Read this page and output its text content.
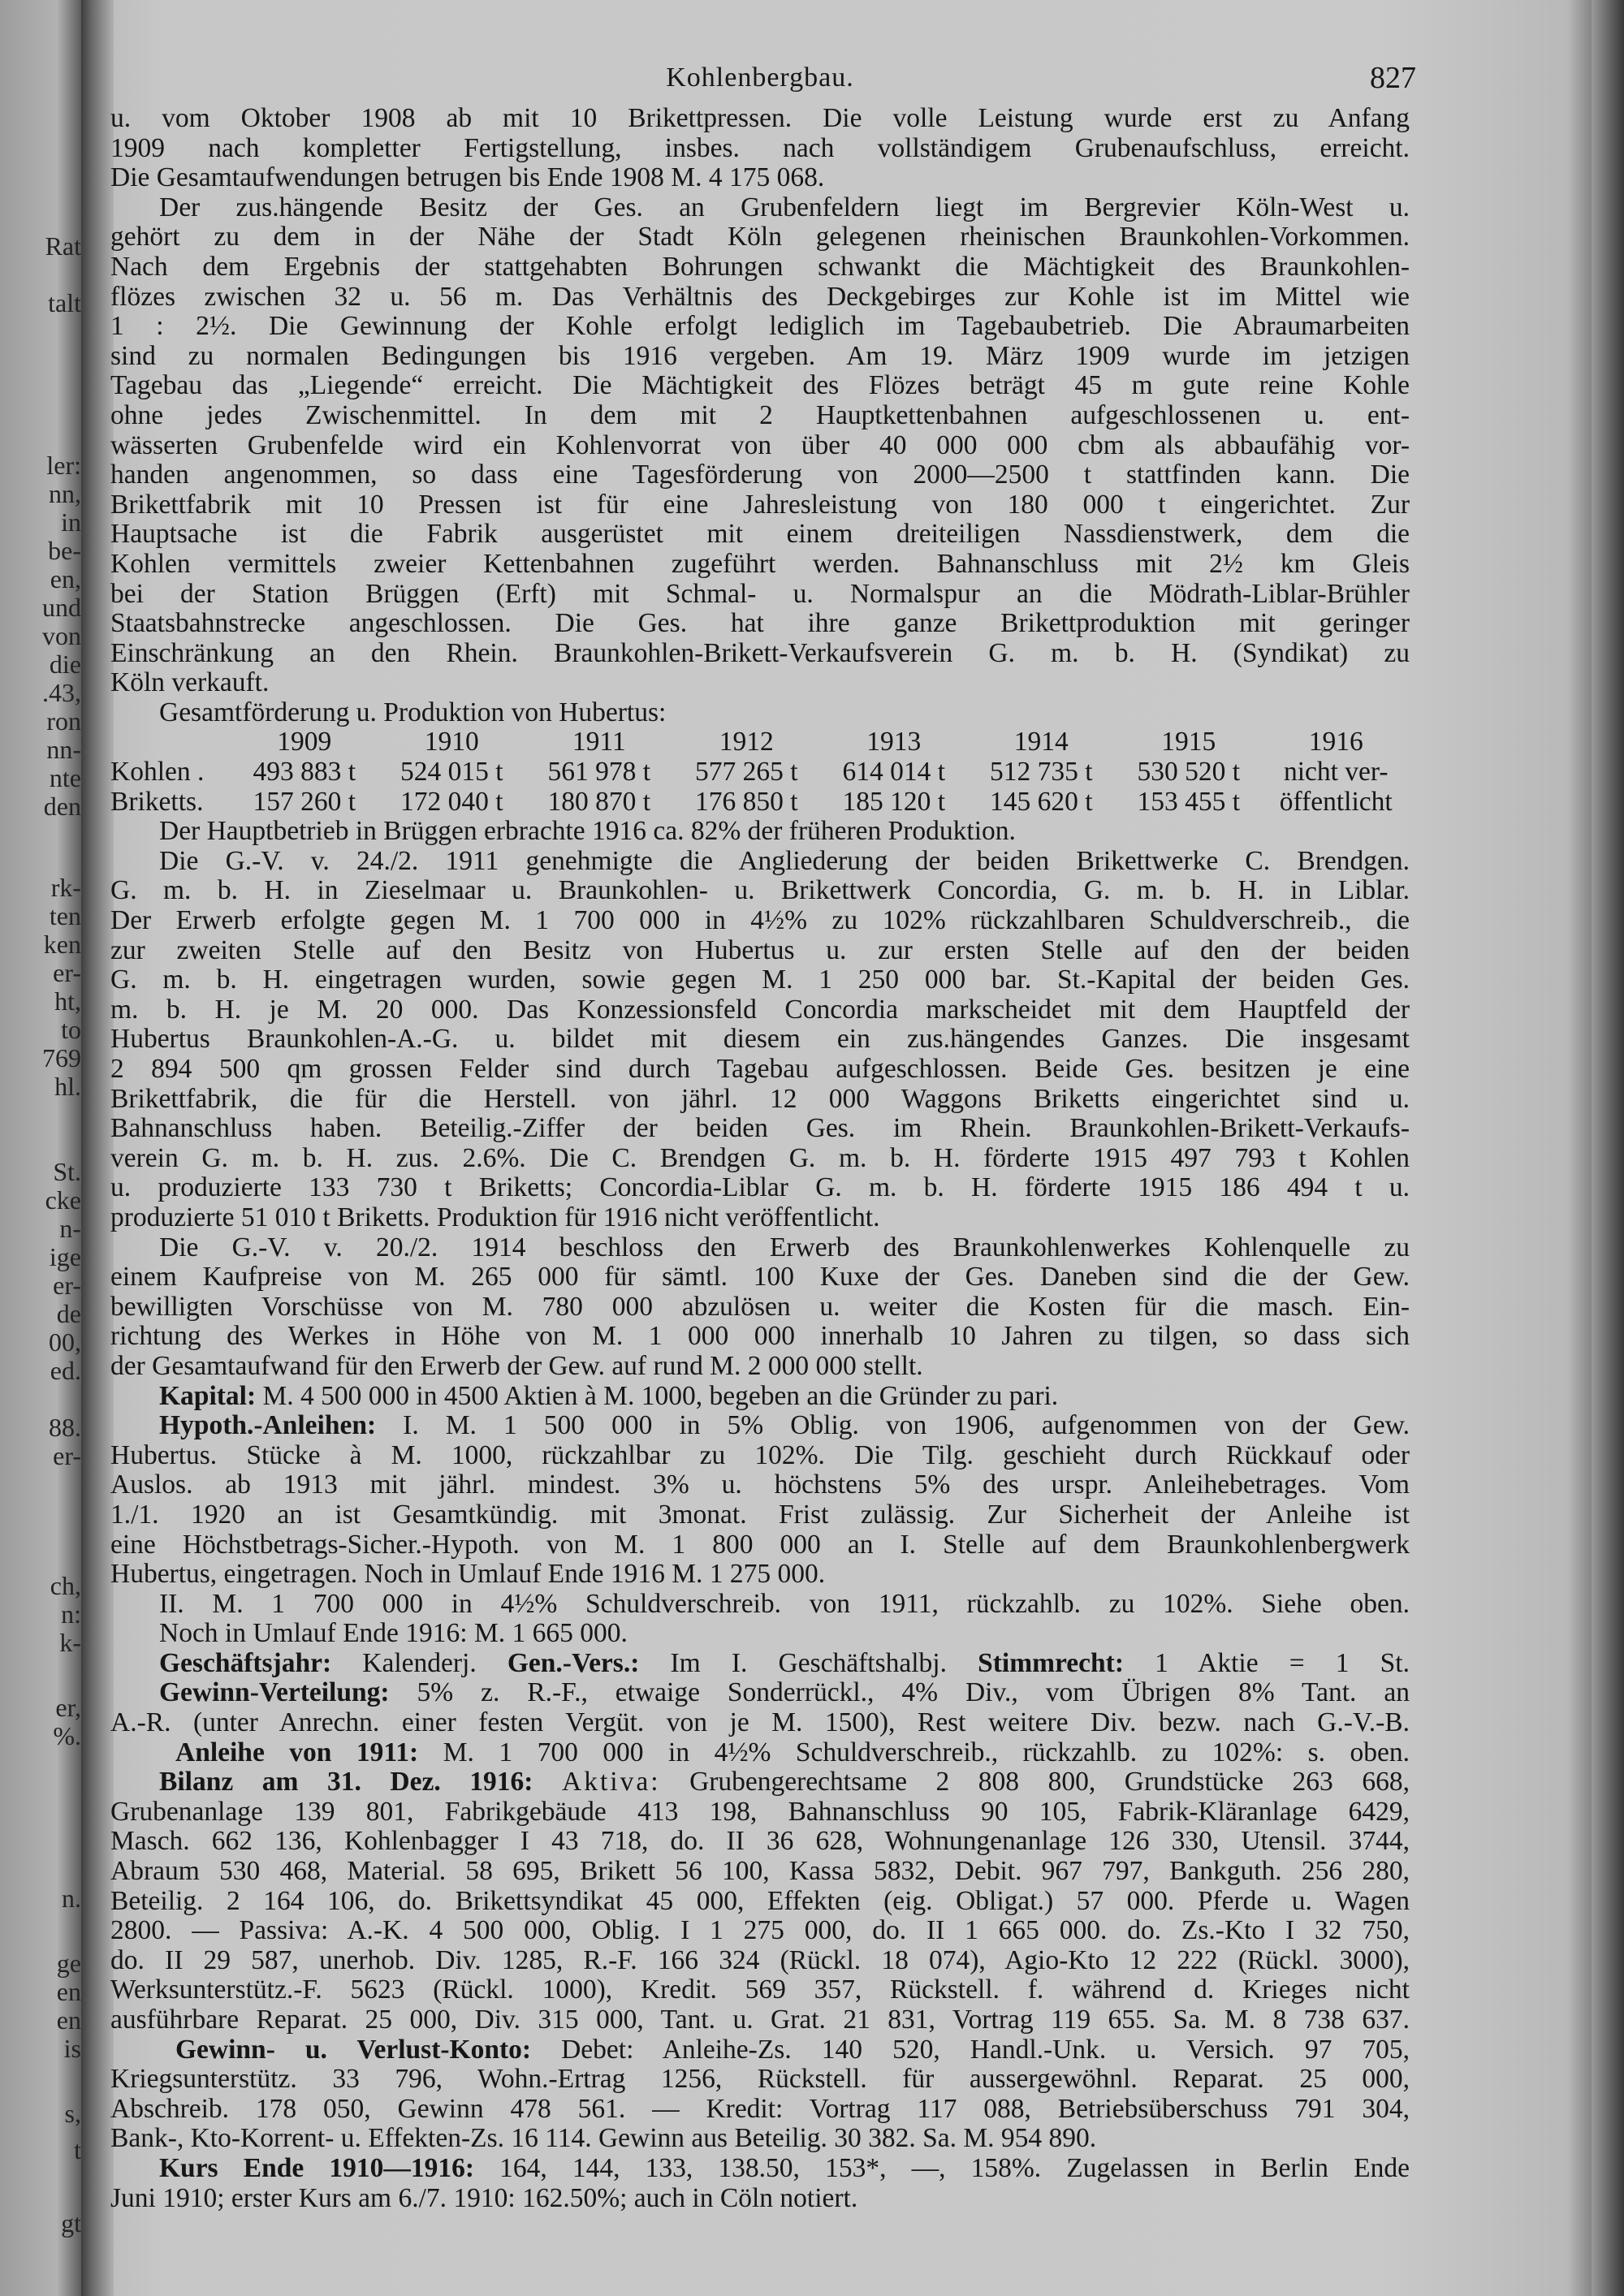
Rat
talt
ler:
nn,
in
be-
en,
und
von
die
.43,
ron
nn-
nte
den
rk-
ten
ken
er-
ht,
to
769
hl.
St.
cke
n-
ige
er-
de
00,
ed.
88.
er-
ch,
n:
k-
er,
%.
n.
ge
en
en
is
s,
t
gt
Kohlenbergbau.	827
u. vom Oktober 1908 ab mit 10 Brikettpressen. Die volle Leistung wurde erst zu Anfang
1909 nach kompletter Fertigstellung, insbes. nach vollständigem Grubenaufschluss, erreicht.
Die Gesamtaufwendungen betrugen bis Ende 1908 M. 4 175 068.
Der zus.hängende Besitz der Ges. an Grubenfeldern liegt im Bergrevier Köln-West u.
gehört zu dem in der Nähe der Stadt Köln gelegenen rheinischen Braunkohlen-Vorkommen.
Nach dem Ergebnis der stattgehabten Bohrungen schwankt die Mächtigkeit des Braunkohlen-
flözes zwischen 32 u. 56 m. Das Verhältnis des Deckgebirges zur Kohle ist im Mittel wie
1 : 2½. Die Gewinnung der Kohle erfolgt lediglich im Tagebaubetrieb. Die Abraumarbeiten
sind zu normalen Bedingungen bis 1916 vergeben. Am 19. März 1909 wurde im jetzigen
Tagebau das „Liegende“ erreicht. Die Mächtigkeit des Flözes beträgt 45 m gute reine Kohle
ohne jedes Zwischenmittel. In dem mit 2 Hauptkettenbahnen aufgeschlossenen u. ent-
wässerten Grubenfelde wird ein Kohlenvorrat von über 40 000 000 cbm als abbaufähig vor-
handen angenommen, so dass eine Tagesförderung von 2000—2500 t stattfinden kann. Die
Brikettfabrik mit 10 Pressen ist für eine Jahresleistung von 180 000 t eingerichtet. Zur
Hauptsache ist die Fabrik ausgerüstet mit einem dreiteiligen Nassdienstwerk, dem die
Kohlen vermittels zweier Kettenbahnen zugeführt werden. Bahnanschluss mit 2½ km Gleis
bei der Station Brüggen (Erft) mit Schmal- u. Normalspur an die Mödrath-Liblar-Brühler
Staatsbahnstrecke angeschlossen. Die Ges. hat ihre ganze Brikettproduktion mit geringer
Einschränkung an den Rhein. Braunkohlen-Brikett-Verkaufsverein G. m. b. H. (Syndikat) zu
Köln verkauft.
Gesamtförderung u. Produktion von Hubertus:
	1909	1910	1911	1912	1913	1914	1915	1916
Kohlen .	493 883 t	524 015 t	561 978 t	577 265 t	614 014 t	512 735 t	530 520 t	nicht ver-
Briketts.	157 260 t	172 040 t	180 870 t	176 850 t	185 120 t	145 620 t	153 455 t	öffentlicht
Der Hauptbetrieb in Brüggen erbrachte 1916 ca. 82% der früheren Produktion.
Die G.-V. v. 24./2. 1911 genehmigte die Angliederung der beiden Brikettwerke C. Brendgen.
G. m. b. H. in Zieselmaar u. Braunkohlen- u. Brikettwerk Concordia, G. m. b. H. in Liblar.
Der Erwerb erfolgte gegen M. 1 700 000 in 4½% zu 102% rückzahlbaren Schuldverschreib., die
zur zweiten Stelle auf den Besitz von Hubertus u. zur ersten Stelle auf den der beiden
G. m. b. H. eingetragen wurden, sowie gegen M. 1 250 000 bar. St.-Kapital der beiden Ges.
m. b. H. je M. 20 000. Das Konzessionsfeld Concordia markscheidet mit dem Hauptfeld der
Hubertus Braunkohlen-A.-G. u. bildet mit diesem ein zus.hängendes Ganzes. Die insgesamt
2 894 500 qm grossen Felder sind durch Tagebau aufgeschlossen. Beide Ges. besitzen je eine
Brikettfabrik, die für die Herstell. von jährl. 12 000 Waggons Briketts eingerichtet sind u.
Bahnanschluss haben. Beteilig.-Ziffer der beiden Ges. im Rhein. Braunkohlen-Brikett-Verkaufs-
verein G. m. b. H. zus. 2.6%. Die C. Brendgen G. m. b. H. förderte 1915 497 793 t Kohlen
u. produzierte 133 730 t Briketts; Concordia-Liblar G. m. b. H. förderte 1915 186 494 t u.
produzierte 51 010 t Briketts. Produktion für 1916 nicht veröffentlicht.
Die G.-V. v. 20./2. 1914 beschloss den Erwerb des Braunkohlenwerkes Kohlenquelle zu
einem Kaufpreise von M. 265 000 für sämtl. 100 Kuxe der Ges. Daneben sind die der Gew.
bewilligten Vorschüsse von M. 780 000 abzulösen u. weiter die Kosten für die masch. Ein-
richtung des Werkes in Höhe von M. 1 000 000 innerhalb 10 Jahren zu tilgen, so dass sich
der Gesamtaufwand für den Erwerb der Gew. auf rund M. 2 000 000 stellt.
Kapital: M. 4 500 000 in 4500 Aktien à M. 1000, begeben an die Gründer zu pari.
Hypoth.-Anleihen: I. M. 1 500 000 in 5% Oblig. von 1906, aufgenommen von der Gew.
Hubertus. Stücke à M. 1000, rückzahlbar zu 102%. Die Tilg. geschieht durch Rückkauf oder
Auslos. ab 1913 mit jährl. mindest. 3% u. höchstens 5% des urspr. Anleihebetrages. Vom
1./1. 1920 an ist Gesamtkündig. mit 3monat. Frist zulässig. Zur Sicherheit der Anleihe ist
eine Höchstbetrags-Sicher.-Hypoth. von M. 1 800 000 an I. Stelle auf dem Braunkohlenbergwerk
Hubertus, eingetragen. Noch in Umlauf Ende 1916 M. 1 275 000.
II. M. 1 700 000 in 4½% Schuldverschreib. von 1911, rückzahlb. zu 102%. Siehe oben.
Noch in Umlauf Ende 1916: M. 1 665 000.
Geschäftsjahr: Kalenderj. Gen.-Vers.: Im I. Geschäftshalbj. Stimmrecht: 1 Aktie = 1 St.
Gewinn-Verteilung: 5% z. R.-F., etwaige Sonderrückl., 4% Div., vom Übrigen 8% Tant. an
A.-R. (unter Anrechn. einer festen Vergüt. von je M. 1500), Rest weitere Div. bezw. nach G.-V.-B.
Anleihe von 1911: M. 1 700 000 in 4½% Schuldverschreib., rückzahlb. zu 102%: s. oben.
Bilanz am 31. Dez. 1916: Aktiva: Grubengerechtsame 2 808 800, Grundstücke 263 668,
Grubenanlage 139 801, Fabrikgebäude 413 198, Bahnanschluss 90 105, Fabrik-Kläranlage 6429,
Masch. 662 136, Kohlenbagger I 43 718, do. II 36 628, Wohnungenanlage 126 330, Utensil. 3744,
Abraum 530 468, Material. 58 695, Brikett 56 100, Kassa 5832, Debit. 967 797, Bankguth. 256 280,
Beteilig. 2 164 106, do. Brikettsyndikat 45 000, Effekten (eig. Obligat.) 57 000. Pferde u. Wagen
2800. — Passiva: A.-K. 4 500 000, Oblig. I 1 275 000, do. II 1 665 000. do. Zs.-Kto I 32 750,
do. II 29 587, unerhob. Div. 1285, R.-F. 166 324 (Rückl. 18 074), Agio-Kto 12 222 (Rückl. 3000),
Werksunterstütz.-F. 5623 (Rückl. 1000), Kredit. 569 357, Rückstell. f. während d. Krieges nicht
ausführbare Reparat. 25 000, Div. 315 000, Tant. u. Grat. 21 831, Vortrag 119 655. Sa. M. 8 738 637.
Gewinn- u. Verlust-Konto: Debet: Anleihe-Zs. 140 520, Handl.-Unk. u. Versich. 97 705,
Kriegsunterstütz. 33 796, Wohn.-Ertrag 1256, Rückstell. für aussergewöhnl. Reparat. 25 000,
Abschreib. 178 050, Gewinn 478 561. — Kredit: Vortrag 117 088, Betriebsüberschuss 791 304,
Bank-, Kto-Korrent- u. Effekten-Zs. 16 114. Gewinn aus Beteilig. 30 382. Sa. M. 954 890.
Kurs Ende 1910—1916: 164, 144, 133, 138.50, 153*, —, 158%. Zugelassen in Berlin Ende
Juni 1910; erster Kurs am 6./7. 1910: 162.50%; auch in Cöln notiert.
